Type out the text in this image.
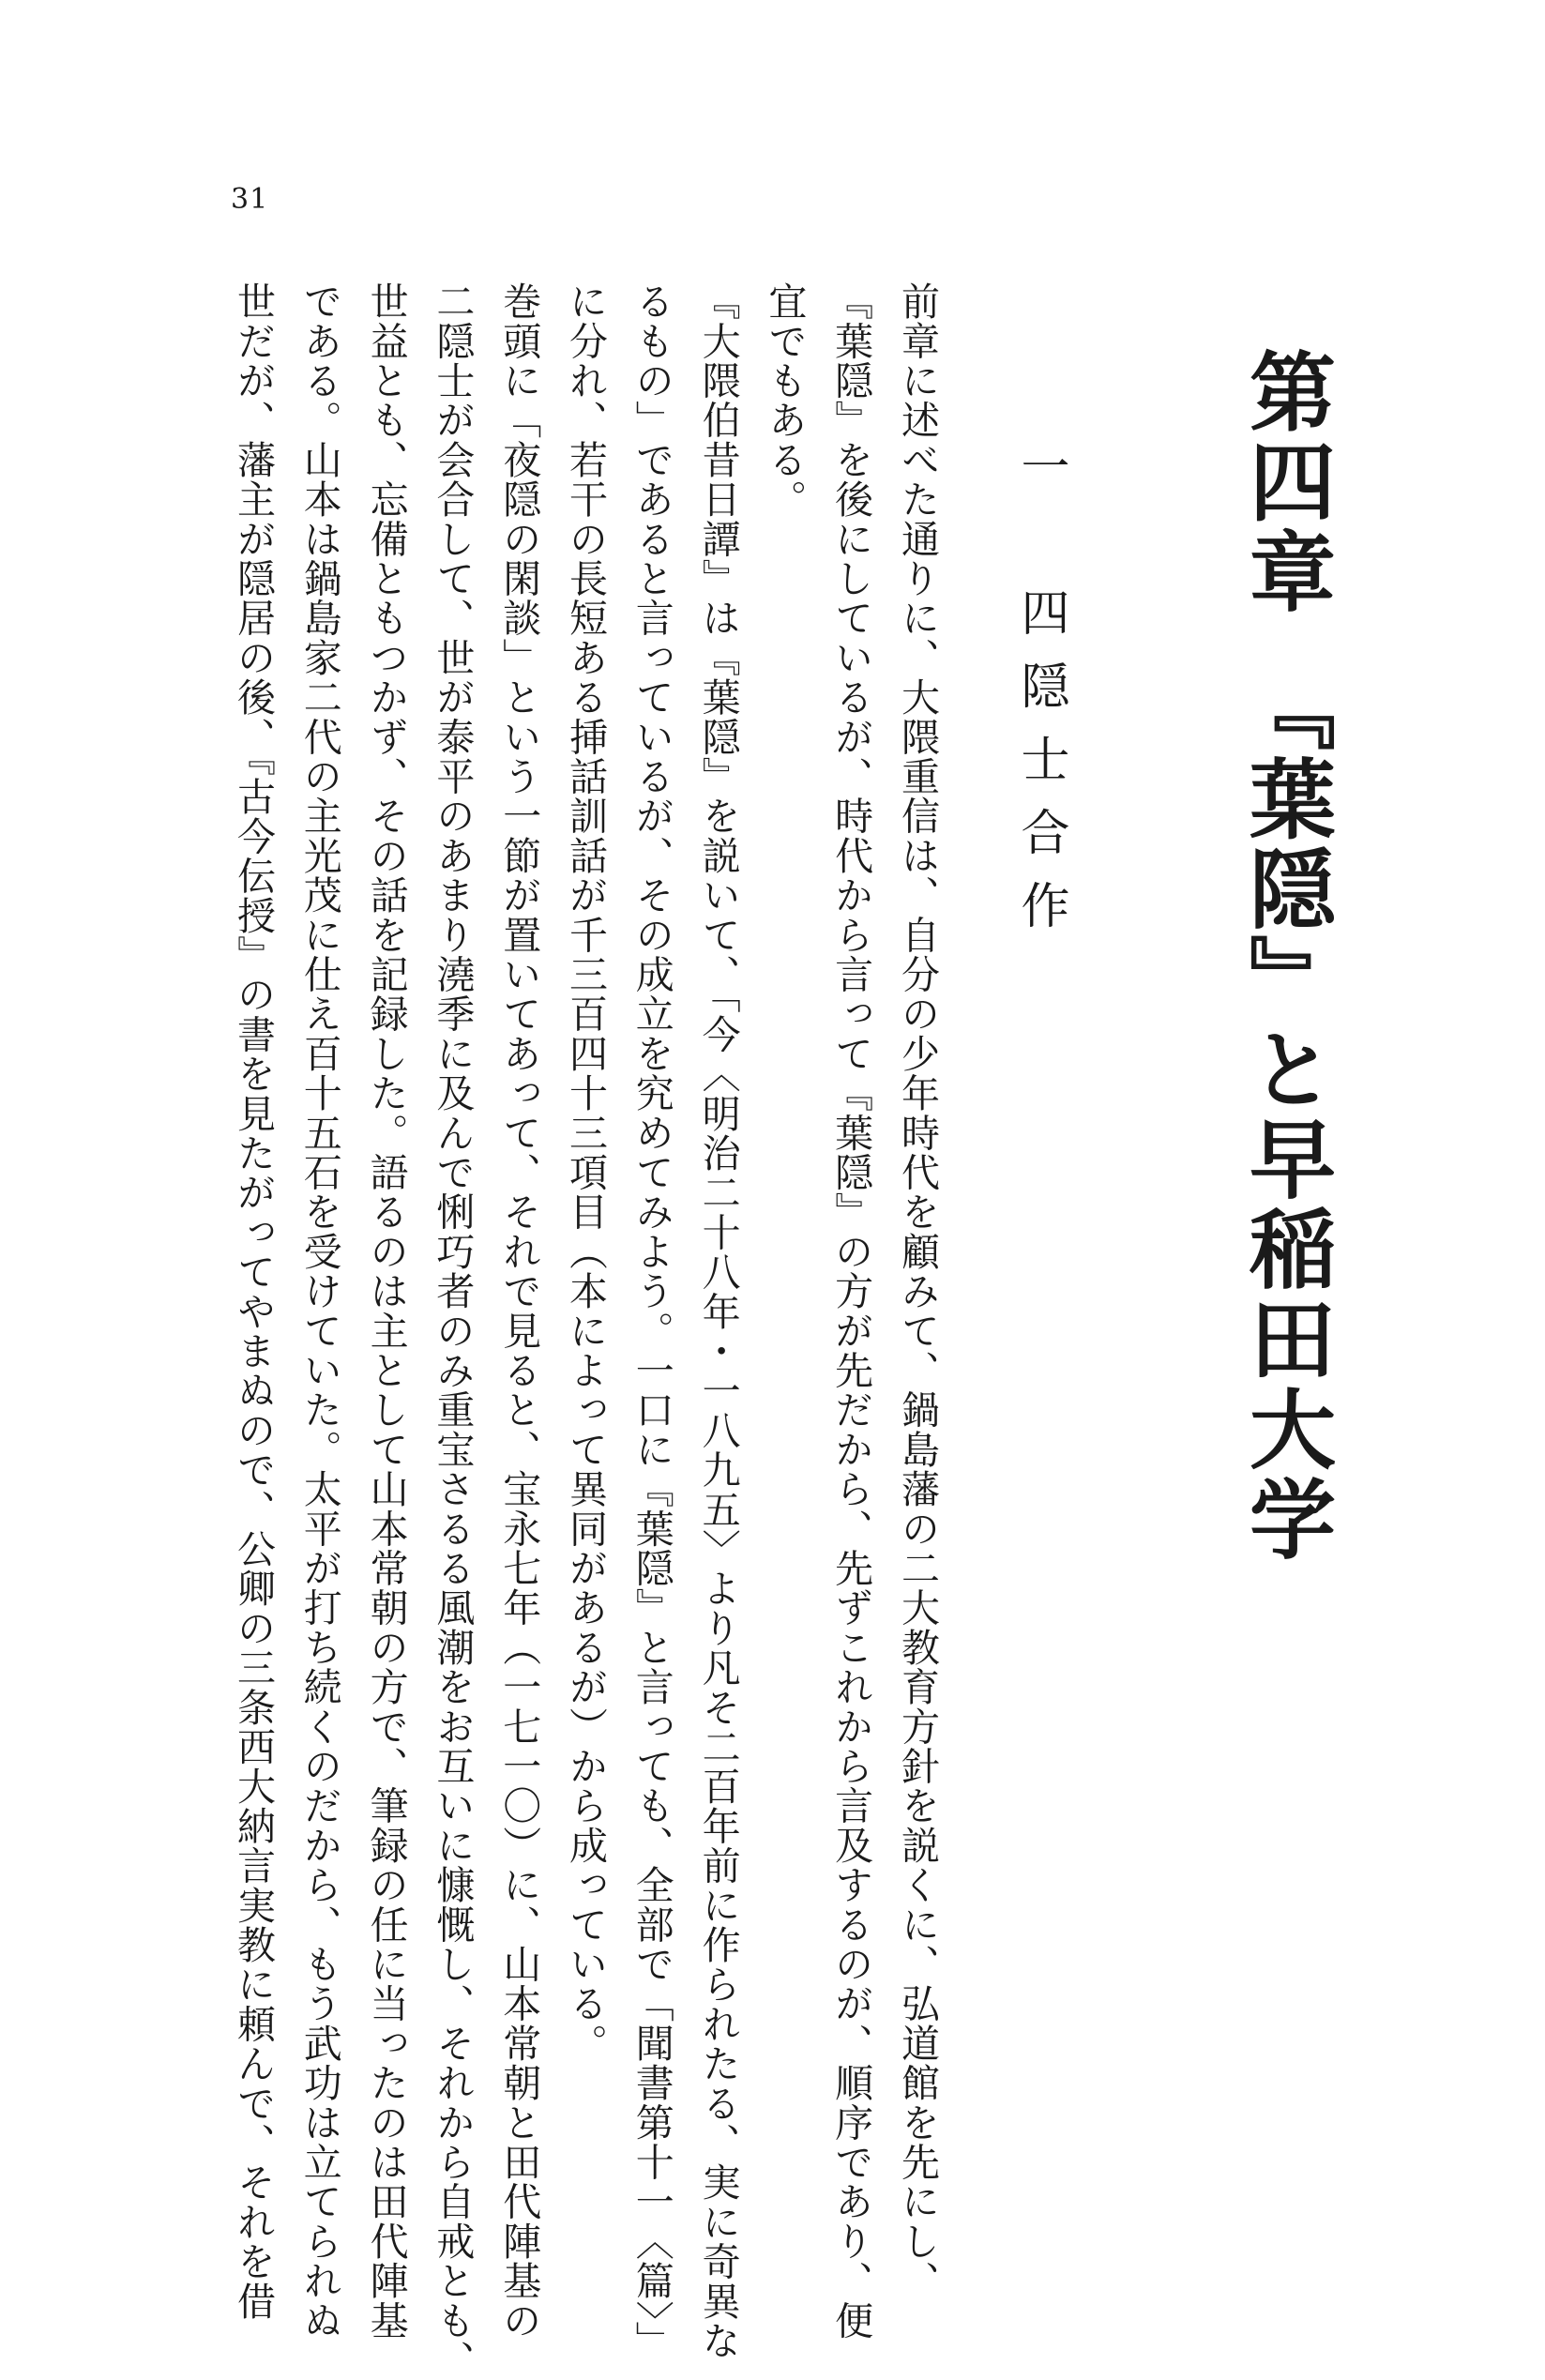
31
第四章　『葉隠』と早稲田大学
一　四隠士合作
前章に述べた通りに、大隈重信は、自分の少年時代を顧みて、鍋島藩の二大教育方針を説くに、弘道館を先にし、
『葉隠』を後にしているが、時代から言って『葉隠』の方が先だから、先ずこれから言及するのが、順序であり、便
宜でもある。
『大隈伯昔日譚』は『葉隠』を説いて、「今〈明治二十八年・一八九五〉より凡そ二百年前に作られたる、実に奇異な
るもの」であると言っているが、その成立を究めてみよう。一口に『葉隠』と言っても、全部で「聞書第十一〈篇〉」
に分れ、若干の長短ある挿話訓話が千三百四十三項目（本によって異同があるが）から成っている。
巻頭に「夜隠の閑談」という一節が置いてあって、それで見ると、宝永七年（一七一〇）に、山本常朝と田代陣基の
二隠士が会合して、世が泰平のあまり澆季に及んで悧巧者のみ重宝さるる風潮をお互いに慷慨し、それから自戒とも、
世益とも、忘備ともつかず、その話を記録した。語るのは主として山本常朝の方で、筆録の任に当ったのは田代陣基
である。山本は鍋島家二代の主光茂に仕え百十五石を受けていた。太平が打ち続くのだから、もう武功は立てられぬ
世だが、藩主が隠居の後、『古今伝授』の書を見たがってやまぬので、公卿の三条西大納言実教に頼んで、それを借
